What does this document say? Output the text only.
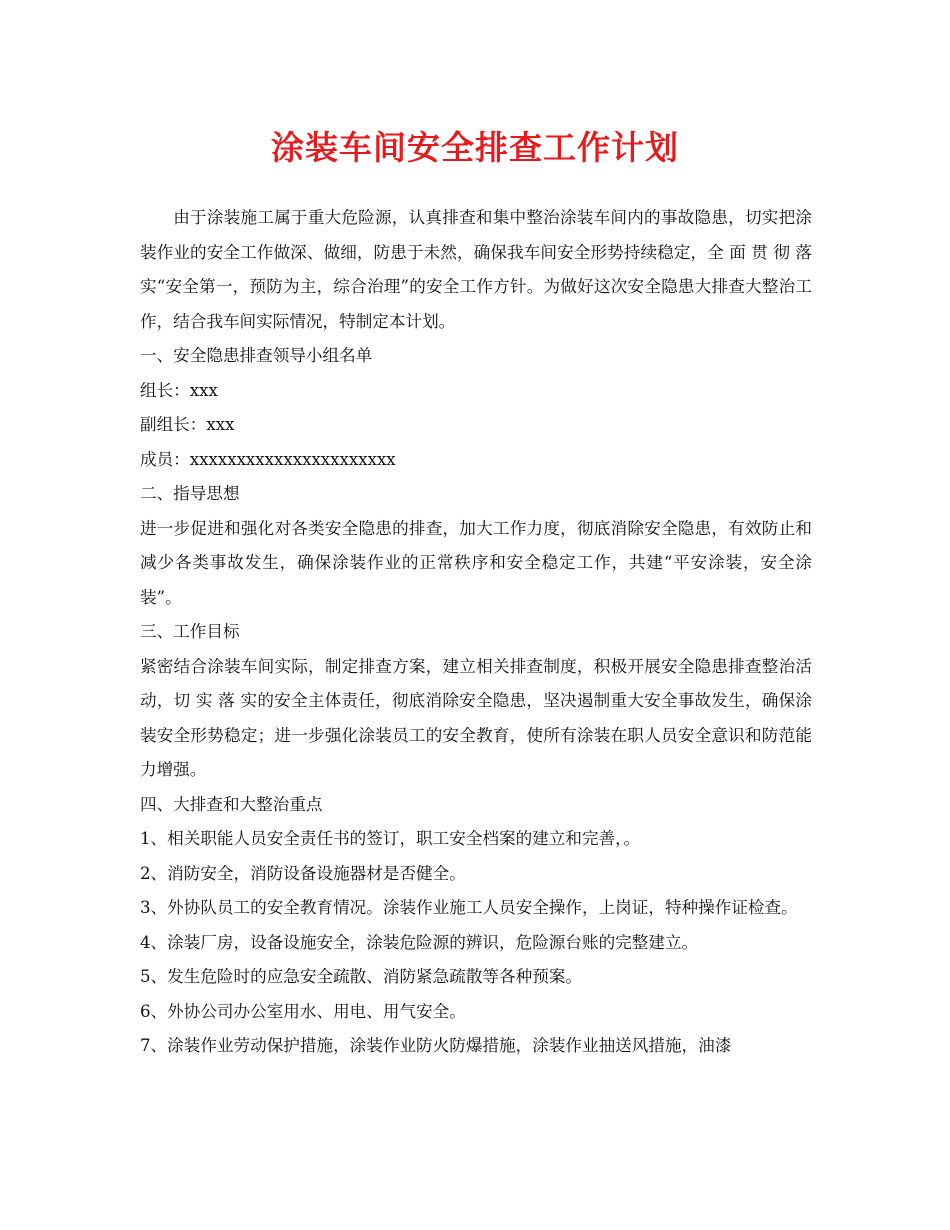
涂装车间安全排查工作计划

由于涂装施工属于重大危险源，认真排查和集中整治涂装车间内的事故隐患，切实把涂装作业的安全工作做深、做细，防患于未然，确保我车间安全形势持续稳定，全 面 贯 彻 落 实“安全第一，预防为主，综合治理”的安全工作方针。为做好这次安全隐患大排查大整治工作，结合我车间实际情况，特制定本计划。

一、安全隐患排查领导小组名单

组长：xxx

副组长：xxx

成员：xxxxxxxxxxxxxxxxxxxxxx

二、指导思想

进一步促进和强化对各类安全隐患的排查，加大工作力度，彻底消除安全隐患，有效防止和减少各类事故发生，确保涂装作业的正常秩序和安全稳定工作，共建“平安涂装，安全涂装”。

三、工作目标

紧密结合涂装车间实际，制定排查方案，建立相关排查制度，积极开展安全隐患排查整治活动，切 实 落 实的安全主体责任，彻底消除安全隐患，坚决遏制重大安全事故发生，确保涂装安全形势稳定；进一步强化涂装员工的安全教育，使所有涂装在职人员安全意识和防范能力增强。

四、大排查和大整治重点

1、相关职能人员安全责任书的签订，职工安全档案的建立和完善，。

2、消防安全，消防设备设施器材是否健全。

3、外协队员工的安全教育情况。涂装作业施工人员安全操作，上岗证，特种操作证检查。

4、涂装厂房，设备设施安全，涂装危险源的辨识，危险源台账的完整建立。

5、发生危险时的应急安全疏散、消防紧急疏散等各种预案。

6、外协公司办公室用水、用电、用气安全。

7、涂装作业劳动保护措施，涂装作业防火防爆措施，涂装作业抽送风措施，油漆
